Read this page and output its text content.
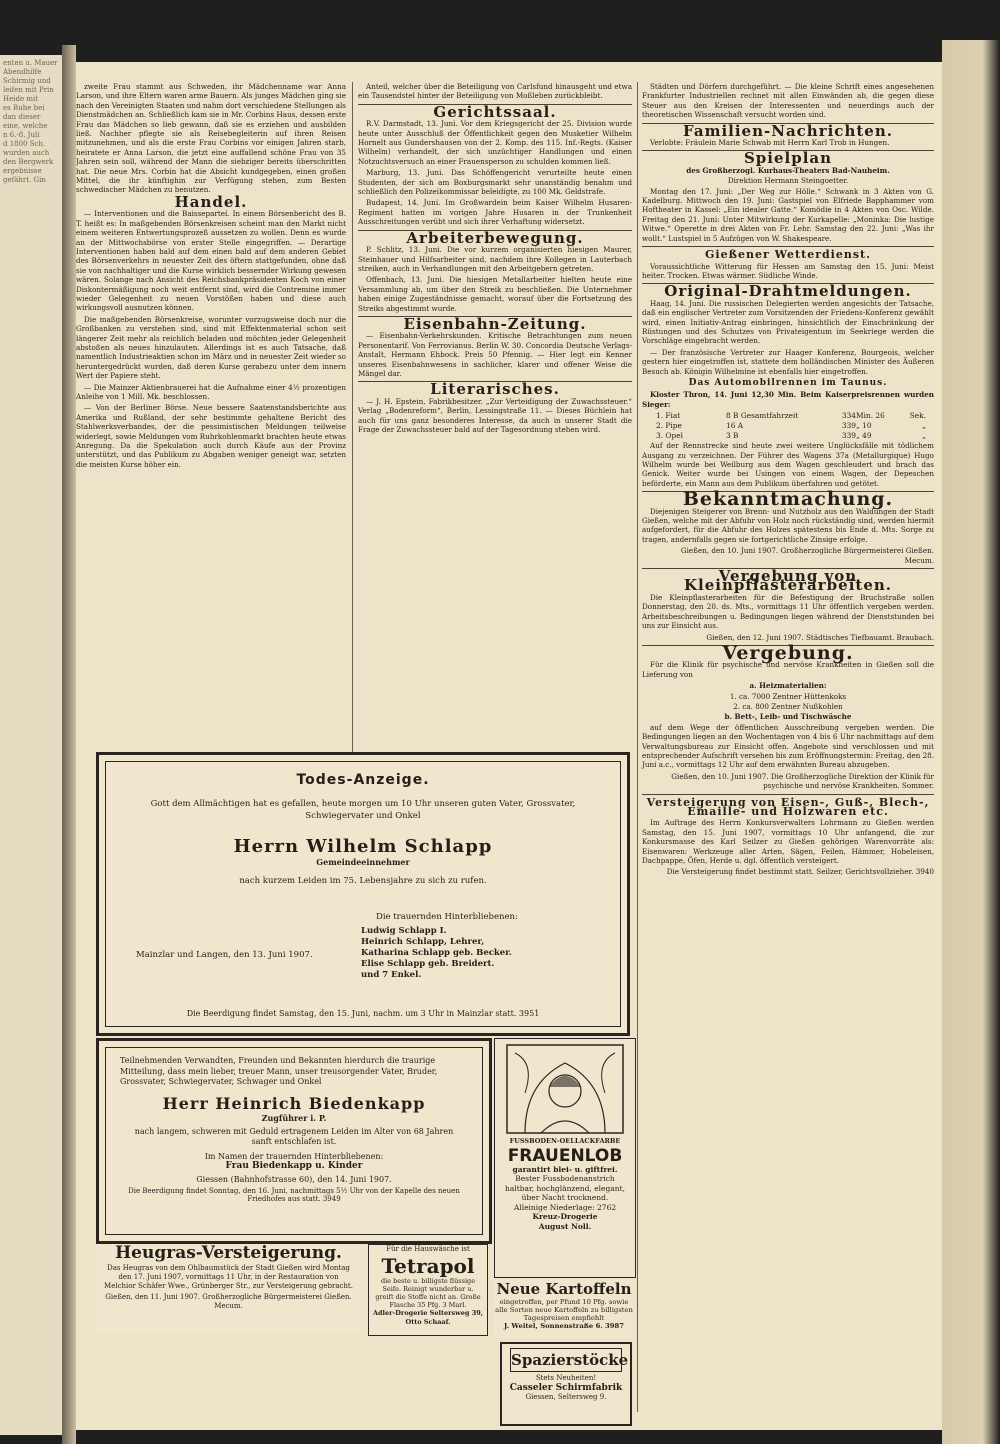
enten u. Mauer
Abendhilfe
Schirmig und
leifen mit Prin
Heide mit
es Ruhe bei
dan dieser
eine, welche
n 6.-8. Juli
d 1800 Sch.
wurden auch
den Bergwerk
ergebnisse
gefährt. Gin

zweite Frau stammt aus Schweden, ihr Mädchenname war Anna Larson, und ihre Eltern waren arme Bauern. Als junges Mädchen ging sie nach den Vereinigten Staaten und nahm dort verschiedene Stellungen als Dienstmädchen an. Schließlich kam sie in Mr. Corbins Haus, dessen erste Frau das Mädchen so lieb gewann, daß sie es erziehen und ausbilden ließ. Nachher pflegte sie als Reisebegleiterin auf ihren Reisen mitzunehmen, und als die erste Frau Corbins vor einigen Jahren starb, heiratete er Anna Larson, die jetzt eine auffallend schöne Frau von 35 Jahren sein soll, während der Mann die siebziger bereits überschritten hat. Die neue Mrs. Corbin hat die Absicht kundgegeben, einen großen Mittel, die ihr künftighin zur Verfügung stehen, zum Besten schwedischer Mädchen zu benutzen.

Handel.

— Interventionen und die Baisseparteí. In einem Börsenbericht des B. T. heißt es: In maßgebenden Börsenkreisen scheint man den Markt nicht einem weiteren Entwertungsprozeß aussetzen zu wollen. Denn es wurde an der Mittwochsbörse von erster Stelle eingegriffen. — Derartige Interventionen haben bald auf dem einen bald auf dem anderen Gebiet des Börsenverkehrs in neuester Zeit des öftern stattgefunden, ohne daß sie von nachhaltiger und die Kurse wirklich bessernder Wirkung gewesen wären. Solange nach Ansicht des Reichsbankpräsidenten Koch von einer Diskontermäßigung noch weit entfernt sind, wird die Contremine immer wieder Gelegenheit zu neuen Vorstößen haben und diese auch wirkungsvoll ausnutzen können.

Die maßgebenden Börsenkreise, worunter vorzugsweise doch nur die Großbanken zu verstehen sind, sind mit Effektenmaterial schon seit längerer Zeit mehr als reichlich beladen und möchten jeder Gelegenheit abstoßen als neues hinzulauten. Allerdings ist es auch Tatsache, daß namentlich Industrieaktien schon im März und in neuester Zeit wieder so heruntergedrückt wurden, daß deren Kurse gerabezu unter dem innern Wert der Papiere steht.

— Die Mainzer Aktienbrauerei hat die Aufnahme einer 4½ prozentigen Anleihe von 1 Mill. Mk. beschlossen.

— Von der Berliner Börse. Neue bessere Saatenstandsberichte aus Amerika und Rußland, der sehr bestimmte gehaltene Bericht des Stahlwerksverbandes, der die pessimistischen Meldungen teilweise widerlegt, sowie Meldungen vom Ruhrkohlenmarkt brachten heute etwas Anregung. Da die Spekulation auch durch Käufe aus der Provinz unterstützt, und das Publikum zu Abgaben weniger geneigt war, setzten die meisten Kurse höher ein.

Anteil, welcher über die Beteiligung von Carlsfund hinausgeht und etwa ein Tausendstel hinter der Beteiligung von Moßleben zurückbleibt.

Gerichtssaal.

R.V. Darmstadt, 13. Juni. Vor dem Kriegsgericht der 25. Division wurde heute unter Ausschluß der Öffentlichkeit gegen den Musketier Wilhelm Hornelt aus Gundershausen von der 2. Komp. des 115. Inf.-Regts. (Kaiser Wilhelm) verhandelt, der sich unzüchtiger Handlungen und einen Notzuchtsversuch an einer Frauensperson zu schulden kommen ließ.

Marburg, 13. Juni. Das Schöffengericht verurteilte heute einen Studenten, der sich am Boxburgsmarkt sehr unanständig benahm und schließlich den Polizeikommissar beleidigte, zu 100 Mk. Geldstrafe.

Budapest, 14. Juni. Im Großwardein beim Kaiser Wilhelm Husaren-Regiment hatten im vorigen Jahre Husaren in der Trunkenheit Ausschreitungen verübt und sich ihrer Verhaftung widersetzt.

Arbeiterbewegung.

P. Schlitz, 13. Juni. Die vor kurzem organisierten hiesigen Maurer, Steinhauer und Hilfsarbeiter sind, nachdem ihre Kollegen in Lauterbach streiken, auch in Verhandlungen mit den Arbeitgebern getreten.

Offenbach, 13. Juni. Die hiesigen Metallarbeiter hielten heute eine Versammlung ab, um über den Streik zu beschließen. Die Unternehmer haben einige Zugeständnisse gemacht, worauf über die Fortsetzung des Streiks abgestimmt wurde.

Eisenbahn-Zeitung.

— Eisenbahn-Verkehrskunden. Kritische Betrachtungen zum neuen Personentarif. Von Ferrovianus. Berlin W. 30. Concordia Deutsche Verlags-Anstalt, Hermann Ehbock. Preis 50 Pfennig. — Hier legt ein Kenner unseres Eisenbahnwesens in sachlicher, klarer und offener Weise die Mängel dar.

Literarisches.

— J. H. Epstein, Fabrikbesitzer. „Zur Verteidigung der Zuwachssteuer.“ Verlag „Bodenreform“, Berlin, Lessingstraße 11. — Dieses Büchlein hat auch für uns ganz besonderes Interesse, da auch in unserer Stadt die Frage der Zuwachssteuer bald auf der Tagesordnung stehen wird.

Städten und Dörfern durchgeführt. — Die kleine Schrift eines angesehenen Frankfurter Industriellen rechnet mit allen Einwänden ab, die gegen diese Steuer aus den Kreisen der Interessenten und neuerdings auch der theoretischen Wissenschaft versucht worden sind.

Familien-Nachrichten.

Verlobte: Fräulein Marie Schwab mit Herrn Karl Trob in Hungen.

Spielplan
des Großherzogl. Kurhaus-Theaters Bad-Nauheim.
Direktion Hermann Steingoetter.

Montag den 17. Juni: „Der Weg zur Hölle.“ Schwank in 3 Akten von G. Kadelburg. Mittwoch den 19. Juni: Gastspiel von Elfriede Bapphammer vom Hoftheater in Kassel: „Ein idealer Gatte.“ Komödie in 4 Akten von Osc. Wilde. Freitag den 21. Juni: Unter Mitwirkung der Kurkapelle: „Moninka: Die lustige Witwe.“ Operette in drei Akten von Fr. Lehr. Samstag den 22. Juni: „Was ihr wollt.“ Lustspiel in 5 Aufzügen von W. Shakespeare.

Gießener Wetterdienst.

Voraussichtliche Witterung für Hessen am Samstag den 15. Juni: Meist heiter. Trocken. Etwas wärmer. Südliche Winde.

Original-Drahtmeldungen.

Haag, 14. Juni. Die russischen Delegierten werden angesichts der Tatsache, daß ein englischer Vertreter zum Vorsitzenden der Friedens-Konferenz gewählt wird, einen Initiativ-Antrag einbringen, hinsichtlich der Einschränkung der Rüstungen und des Schutzes von Privateigentum im Seekriege werden die Vorschläge eingebracht werden.

— Der französische Vertreter zur Haager Konferenz, Bourgeois, welcher gestern hier eingetroffen ist, stattete dem holländischen Minister des Äußeren Besuch ab. Königin Wilhelmine ist ebenfalls hier eingetroffen.

Das Automobilrennen im Taunus.

Kloster Thron, 14. Juni 12,30 Min. Beim Kaiserpreisrennen wurden Sieger:

1. Fiat	8 B Gesamtfahrzeit	334 Min. 26	Sek.
2. Pipe	16 A	339 „ 10	„
3. Opel	3 B	339 „ 49	„

Auf der Rennstrecke sind heute zwei weitere Unglücksfälle mit tödlichem Ausgang zu verzeichnen. Der Führer des Wagens 37a (Metallurgique) Hugo Wilhelm wurde bei Weilburg aus dem Wagen geschleudert und brach das Genick. Weiter wurde bei Usingen von einem Wagen, der Depeschen beförderte, ein Mann aus dem Publikum überfahren und getötet.

Bekanntmachung.

Diejenigen Steigerer von Brenn- und Nutzholz aus den Waldungen der Stadt Gießen, welche mit der Abfuhr von Holz noch rückständig sind, werden hiermit aufgefordert, für die Abfuhr des Holzes spätestens bis Ende d. Mts. Sorge zu tragen, andernfalls gegen sie fortgerichtliche Zinsige erfolge.

Gießen, den 10. Juni 1907. Großherzogliche Bürgermeisterei Gießen. Mecum.

Vergebung von Kleinpflasterarbeiten.

Die Kleinpflasterarbeiten für die Befestigung der Bruchstraße sollen Donnerstag, den 20. ds. Mts., vormittags 11 Uhr öffentlich vergeben werden. Arbeitsbeschreibungen u. Bedingungen liegen während der Dienststunden bei uns zur Einsicht aus.

Gießen, den 12. Juni 1907. Städtisches Tiefbauamt. Braubach.

Vergebung.

Für die Klinik für psychische und nervöse Krankheiten in Gießen soll die Lieferung von

a. Heizmaterialien:
1. ca. 7000 Zentner Hüttenkoks
2. ca. 800 Zentner Nußkohlen
b. Bett-, Leib- und Tischwäsche

auf dem Wege der öffentlichen Ausschreibung vergeben werden. Die Bedingungen liegen an den Wochentagen von 4 bis 6 Uhr nachmittags auf dem Verwaltungsbureau zur Einsicht offen. Angebote sind verschlossen und mit entsprechender Aufschrift versehen bis zum Eröffnungstermin: Freitag, den 28. Juni a.c., vormittags 12 Uhr auf dem erwähnten Bureau abzugeben.

Gießen, den 10. Juni 1907. Die Großherzogliche Direktion der Klinik für psychische und nervöse Krankheiten. Sommer.

Versteigerung von Eisen-, Guß-, Blech-, Emaille- und Holzwaren etc.

Im Auftrage des Herrn Konkursverwalters Lohrmann zu Gießen werden Samstag, den 15. Juni 1907, vormittags 10 Uhr anfangend, die zur Konkursmasse des Karl Seilzer zu Gießen gehörigen Warenvorräte als: Eisenwaren: Werkzeuge aller Arten, Sägen, Feilen, Hämmer, Hobeleisen, Dachpappe, Öfen, Herde u. dgl. öffentlich versteigert.

Die Versteigerung findet bestimmt statt. Seilzer, Gerichtsvollzieher. 3940

Todes-Anzeige.
Gott dem Allmächtigen hat es gefallen, heute morgen um 10 Uhr unseren guten Vater, Grossvater, Schwiegervater und Onkel
Herrn Wilhelm Schlapp
Gemeindeeinnehmer
nach kurzem Leiden im 75. Lebensjahre zu sich zu rufen.
Die trauernden Hinterbliebenen:
Ludwig Schlapp I.
Heinrich Schlapp, Lehrer,
Katharina Schlapp geb. Becker.
Elise Schlapp geb. Breidert.
und 7 Enkel.
Mainzlar und Langen, den 13. Juni 1907.
Die Beerdigung findet Samstag, den 15. Juni, nachm. um 3 Uhr in Mainzlar statt. 3951
Teilnehmenden Verwandten, Freunden und Bekannten hierdurch die traurige Mitteilung, dass mein lieber, treuer Mann, unser treusorgender Vater, Bruder, Grossvater, Schwiegervater, Schwager und Onkel
Herr Heinrich Biedenkapp
Zugführer i. P.
nach langem, schweren mit Geduld ertragenem Leiden im Alter von 68 Jahren sanft entschlafen ist.
Im Namen der trauernden Hinterbliebenen:
Frau Biedenkapp u. Kinder
Giessen (Bahnhofstrasse 60), den 14. Juni 1907.
Die Beerdigung findet Sonntag, den 16. Juni, nachmittags 5½ Uhr von der Kapelle des neuen Friedhofes aus statt. 3949
FUSSBODEN-OELLACKFARBE
FRAUENLOB
garantirt blei- u. giftfrei.
Bester Fussbodenanstrich
haltbar, hochglänzend, elegant,
über Nacht trocknend.
Alleinige Niederlage: 2762
Kreuz-Drogerie
August Noll.
Neue Kartoffeln
eingetroffen, per Pfund 10 Pfg. sowie alle Sorten neue Kartoffeln zu billigsten Tagespreisen empfiehlt
J. Weitel, Sonnenstraße 6. 3987
Heugras-Versteigerung.
Das Heugras von dem Ohlbaumstück der Stadt Gießen wird Montag den 17. Juni 1907, vormittags 11 Uhr, in der Restauration von Melchior Schäfer Wwe., Grünberger Str., zur Versteigerung gebracht.
Gießen, den 11. Juni 1907. Großherzogliche Bürgermeisterei Gießen. Mecum.
Für die Hauswäsche ist
Tetrapol
die beste u. billigste flüssige Seife. Reinigt wunderbar u. greift die Stoffe nicht an. Große Flasche 35 Pfg. 3 Marl.
Adler-Drogerie Seltersweg 39, Otto Schaaf.
Spazierstöcke
Stets Neuheiten!
Casseler Schirmfabrik
Giessen, Seltersweg 9.
